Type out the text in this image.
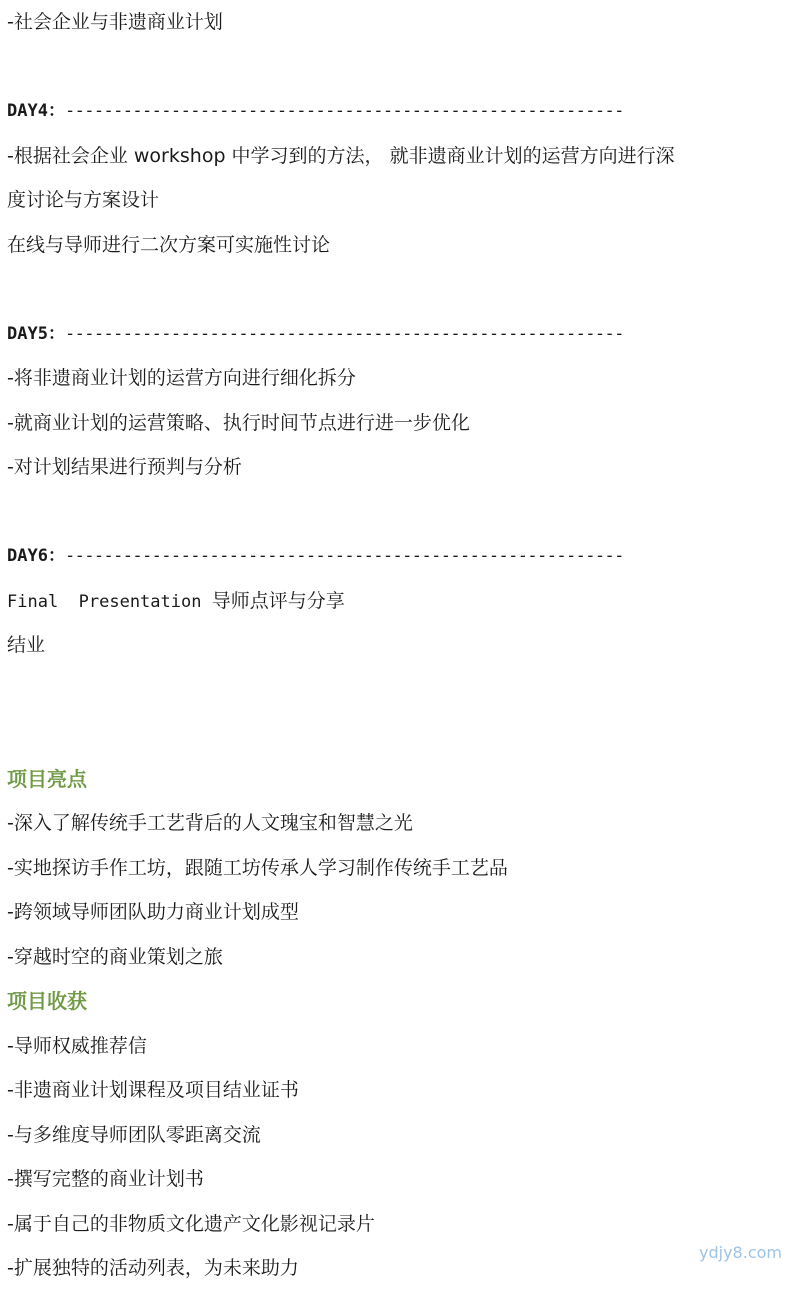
-社会企业与非遗商业计划
DAY4：----------------------------------------------------------
-根据社会企业 workshop 中学习到的方法， 就非遗商业计划的运营方向进行深
度讨论与方案设计
在线与导师进行二次方案可实施性讨论
DAY5：----------------------------------------------------------
-将非遗商业计划的运营方向进行细化拆分
-就商业计划的运营策略、执行时间节点进行进一步优化
-对计划结果进行预判与分析
DAY6：----------------------------------------------------------
Final  Presentation 导师点评与分享
结业
项目亮点
-深入了解传统手工艺背后的人文瑰宝和智慧之光
-实地探访手作工坊，跟随工坊传承人学习制作传统手工艺品
-跨领域导师团队助力商业计划成型
-穿越时空的商业策划之旅
项目收获
-导师权威推荐信
-非遗商业计划课程及项目结业证书
-与多维度导师团队零距离交流
-撰写完整的商业计划书
-属于自己的非物质文化遗产文化影视记录片
-扩展独特的活动列表，为未来助力
ydjy8.com
